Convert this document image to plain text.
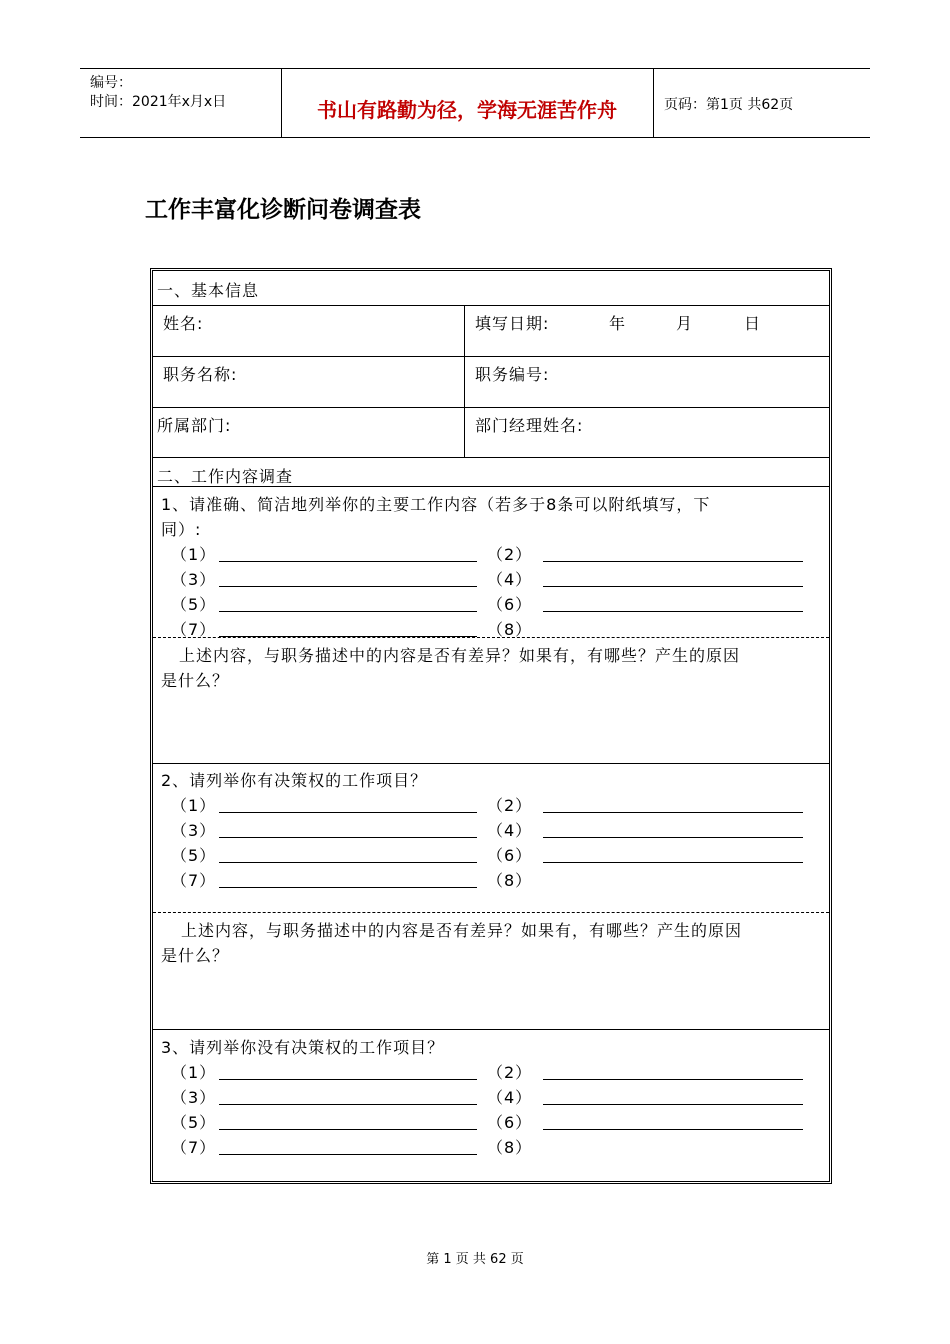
编号：
时间：2021年x月x日	书山有路勤为径，学海无涯苦作舟	页码：第1页 共62页
工作丰富化诊断问卷调查表
一、基本信息
姓名:	填写日期:	年	月	日
职务名称:	职务编号:
所属部门:	部门经理姓名:
二、工作内容调查
1、请准确、简洁地列举你的主要工作内容（若多于8条可以附纸填写，下
同）:
（1）	（2）
（3）	（4）
（5）	（6）
（7）	（8）
上述内容，与职务描述中的内容是否有差异？如果有，有哪些？产生的原因
是什么？
2、请列举你有决策权的工作项目？
（1）	（2）
（3）	（4）
（5）	（6）
（7）	（8）
上述内容，与职务描述中的内容是否有差异？如果有，有哪些？产生的原因
是什么？
3、请列举你没有决策权的工作项目？
（1）	（2）
（3）	（4）
（5）	（6）
（7）	（8）
第 1 页 共 62 页
